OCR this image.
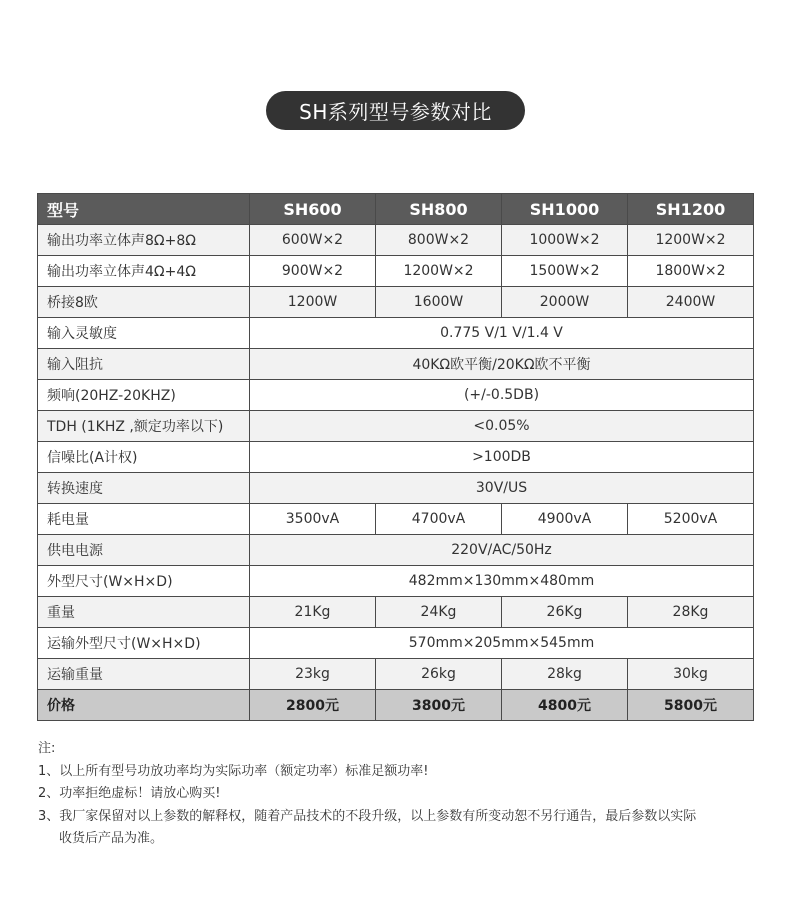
SH系列型号参数对比
型号	SH600	SH800	SH1000	SH1200
输出功率立体声8Ω+8Ω	600W×2	800W×2	1000W×2	1200W×2
输出功率立体声4Ω+4Ω	900W×2	1200W×2	1500W×2	1800W×2
桥接8欧	1200W	1600W	2000W	2400W
输入灵敏度	0.775 V/1 V/1.4 V			
输入阻抗	40KΩ欧平衡/20KΩ欧不平衡			
频响(20HZ-20KHZ)	(+/-0.5DB)			
TDH (1KHZ ,额定功率以下)	<0.05%			
信噪比(A计权)	>100DB			
转换速度	30V/US			
耗电量	3500vA	4700vA	4900vA	5200vA
供电电源	220V/AC/50Hz			
外型尺寸(W×H×D)	482mm×130mm×480mm			
重量	21Kg	24Kg	26Kg	28Kg
运输外型尺寸(W×H×D)	570mm×205mm×545mm			
运输重量	23kg	26kg	28kg	30kg
价格	2800元	3800元	4800元	5800元
注:
1、以上所有型号功放功率均为实际功率（额定功率）标准足额功率!
2、功率拒绝虚标！请放心购买!
3、我厂家保留对以上参数的解释权，随着产品技术的不段升级，以上参数有所变动恕不另行通告，最后参数以实际
收货后产品为准。
